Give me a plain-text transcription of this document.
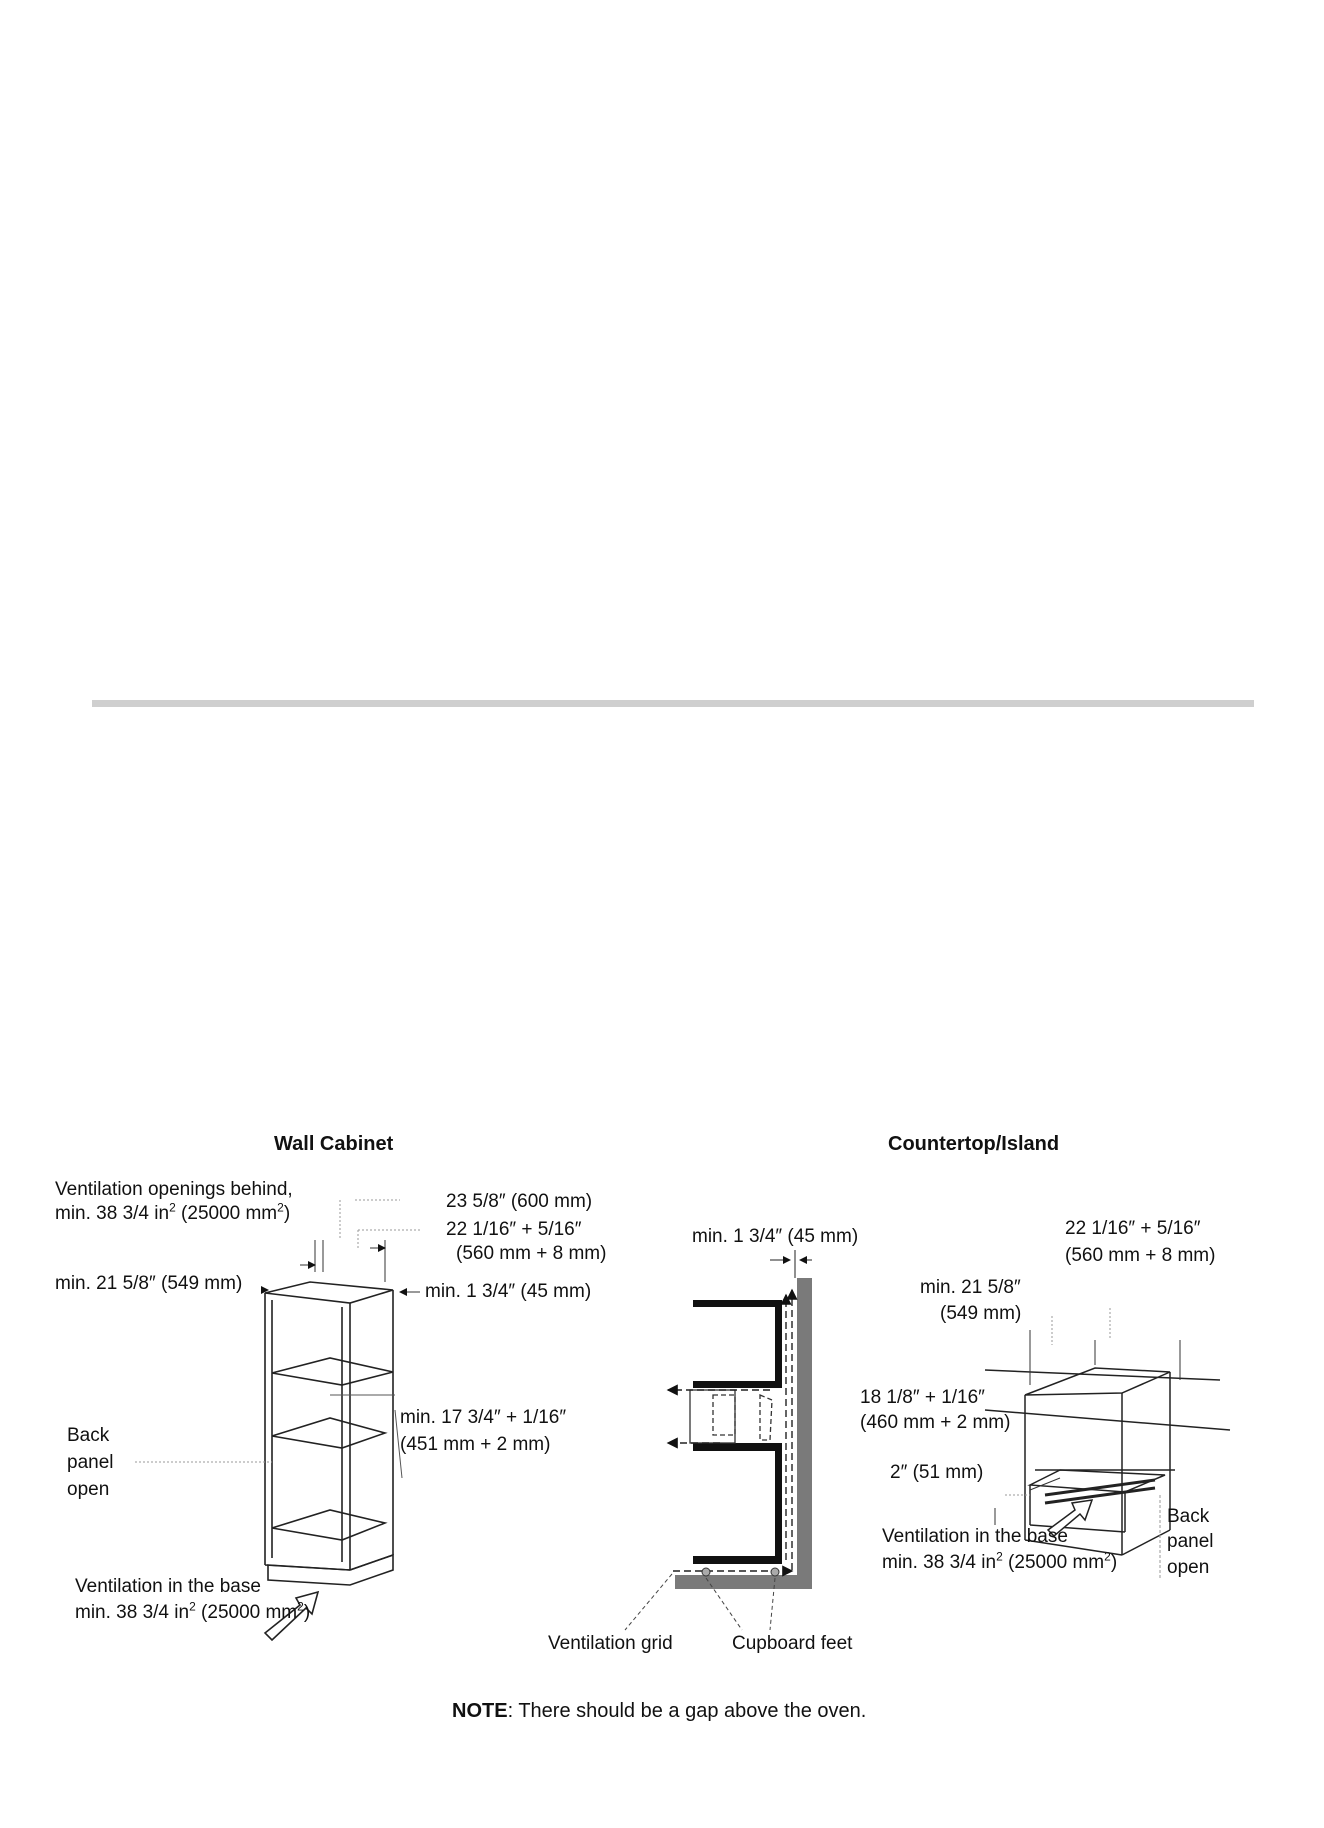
Wall Cabinet
Ventilation openings behind,
min. 38 3/4 $in^2$ (25000 $mm^2$)
23 5/8″ (600 mm)
22 1/16″ + 5/16″
(560 mm + 8 mm)
min. 21 5/8″ (549 mm)	min. 1 3/4″ (45 mm)
min. 17 3/4″ + 1/16″
(451 mm + 2 mm)
Back
panel
open
Ventilation in the base
min. 38 3/4 $in^2$ (25000 $mm^2$)
min. 1 3/4″ (45 mm)
Ventilation grid	Cupboard feet
Countertop/Island
22 1/16″ + 5/16″
(560 mm + 8 mm)
min. 21 5/8″
(549 mm)
18 1/8″ + 1/16″
(460 mm + 2 mm)
2″ (51 mm)
Ventilation in the base
min. 38 3/4 $in^2$ (25000 $mm^2$)
Back
panel
open
NOTE: There should be a gap above the oven.
